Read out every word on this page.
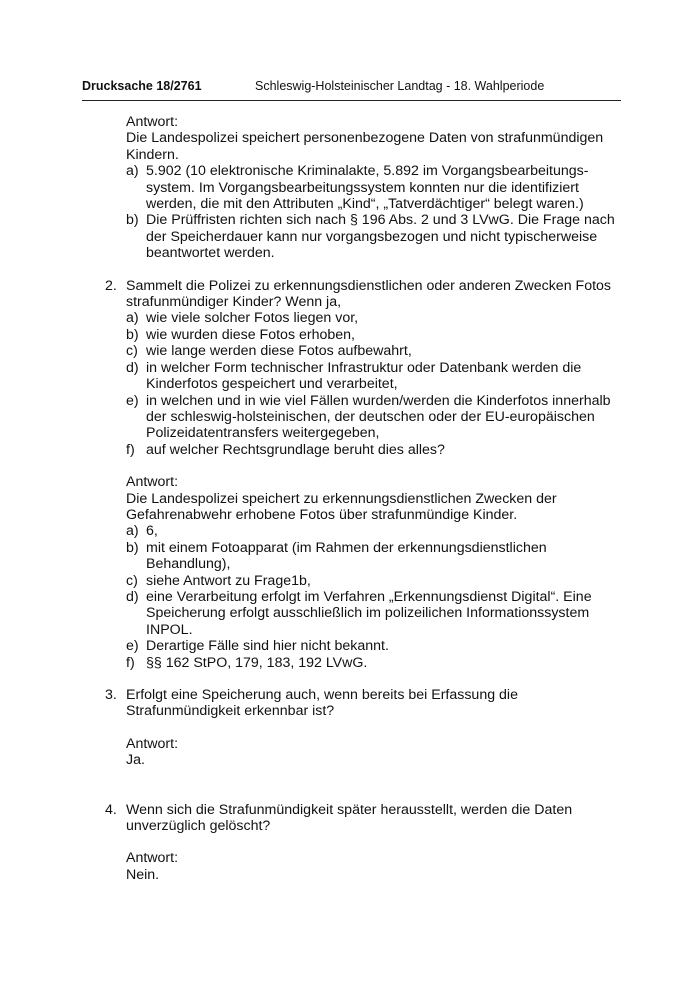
Drucksache 18/2761	Schleswig-Holsteinischer Landtag - 18. Wahlperiode
Antwort:
Die Landespolizei speichert personenbezogene Daten von strafunmündigen
Kindern.
a) 5.902 (10 elektronische Kriminalakte, 5.892 im Vorgangsbearbeitungs-
system. Im Vorgangsbearbeitungssystem konnten nur die identifiziert
werden, die mit den Attributen „Kind“, „Tatverdächtiger“ belegt waren.)
b) Die Prüffristen richten sich nach § 196 Abs. 2 und 3 LVwG. Die Frage nach
der Speicherdauer kann nur vorgangsbezogen und nicht typischerweise
beantwortet werden.
2. Sammelt die Polizei zu erkennungsdienstlichen oder anderen Zwecken Fotos
strafunmündiger Kinder? Wenn ja,
a) wie viele solcher Fotos liegen vor,
b) wie wurden diese Fotos erhoben,
c) wie lange werden diese Fotos aufbewahrt,
d) in welcher Form technischer Infrastruktur oder Datenbank werden die
Kinderfotos gespeichert und verarbeitet,
e) in welchen und in wie viel Fällen wurden/werden die Kinderfotos innerhalb
der schleswig-holsteinischen, der deutschen oder der EU-europäischen
Polizeidatentransfers weitergegeben,
f) auf welcher Rechtsgrundlage beruht dies alles?
Antwort:
Die Landespolizei speichert zu erkennungsdienstlichen Zwecken der
Gefahrenabwehr erhobene Fotos über strafunmündige Kinder.
a) 6,
b) mit einem Fotoapparat (im Rahmen der erkennungsdienstlichen
Behandlung),
c) siehe Antwort zu Frage1b,
d) eine Verarbeitung erfolgt im Verfahren „Erkennungsdienst Digital“. Eine
Speicherung erfolgt ausschließlich im polizeilichen Informationssystem
INPOL.
e) Derartige Fälle sind hier nicht bekannt.
f) §§ 162 StPO, 179, 183, 192 LVwG.
3. Erfolgt eine Speicherung auch, wenn bereits bei Erfassung die
Strafunmündigkeit erkennbar ist?
Antwort:
Ja.
4. Wenn sich die Strafunmündigkeit später herausstellt, werden die Daten
unverzüglich gelöscht?
Antwort:
Nein.
